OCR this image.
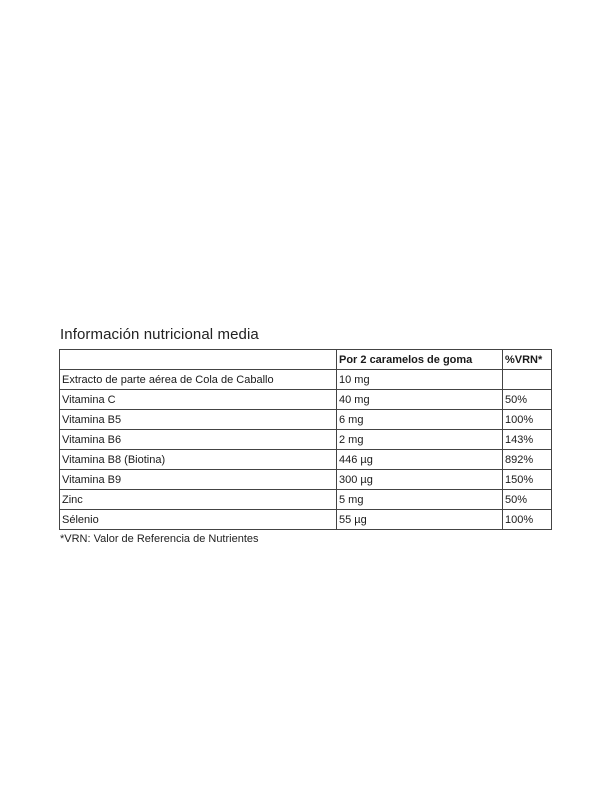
Información nutricional media
	Por 2 caramelos de goma	%VRN*
Extracto de parte aérea de Cola de Caballo	10 mg	
Vitamina C	40 mg	50%
Vitamina B5	6 mg	100%
Vitamina B6	2 mg	143%
Vitamina B8 (Biotina)	446 µg	892%
Vitamina B9	300 µg	150%
Zinc	5 mg	50%
Sélenio	55 µg	100%
*VRN: Valor de Referencia de Nutrientes
